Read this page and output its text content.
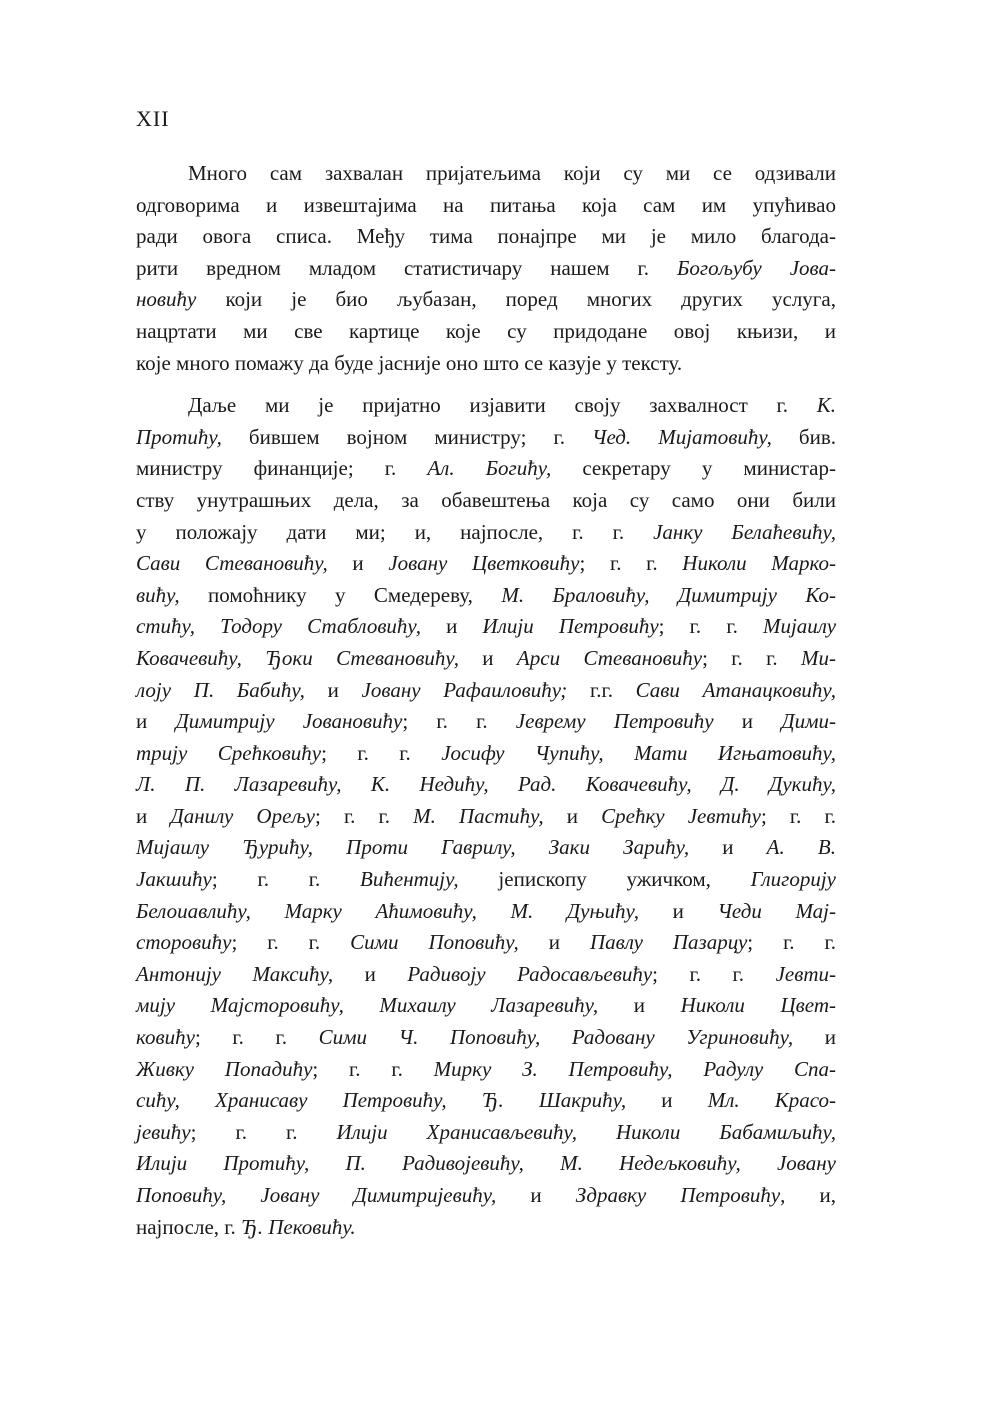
XII

Много сам захвалан пријатељима који су ми се одзивали
одговорима и извештајима на питања која сам им упућивао
ради овога списа. Међу тима понајпре ми је мило благода-
рити вредном младом статистичару нашем г. Богољубу Јова-
новићу који је био љубазан, поред многих других услуга,
нацртати ми све картице које су придодане овој књизи, и
које много помажу да буде јасније оно што се казује у тексту.

Даље ми је пријатно изјавити своју захвалност г. К.
Протићу, бившем војном министру; г. Чед. Мијатовићу, бив.
министру финанције; г. Ал. Богићу, секретару у министар-
ству унутрашњих дела, за обавештења која су само они били
у положају дати ми; и, најпосле, г. г. Јанку Белаћевићу,
Сави Стевановићу, и Јовану Цветковићу; г. г. Николи Марко-
вићу, помоћнику у Смедереву, М. Браловићу, Димитрију Ко-
стићу, Тодору Стабловићу, и Илији Петровићу; г. г. Мијаилу
Ковачевићу, Ђоки Стевановићу, и Арси Стевановићу; г. г. Ми-
лоју П. Бабићу, и Јовану Рафаиловићу; г.г. Сави Атанацковићу,
и Димитрију Јовановићу; г. г. Јеврему Петровићу и Дими-
трију Срећковићу; г. г. Јосифу Чупићу, Мати Игњатовићу,
Л. П. Лазаревићу, К. Недићу, Рад. Ковачевићу, Д. Дукићу,
и Данилу Орељу; г. г. М. Пастићу, и Срећку Јевтићу; г. г.
Мијаилу Ђурићу, Проти Гаврилу, Заки Зарићу, и А. В.
Јакшићу; г. г. Вићентију, јепископу ужичком, Глигорију
Белоиавлићу, Марку Аћимовићу, М. Дуњићу, и Чеди Мај-
сторовићу; г. г. Сими Поповићу, и Павлу Пазарцу; г. г.
Антонију Максићу, и Радивоју Радосављевићу; г. г. Јевти-
мију Мајсторовићу, Михаилу Лазаревићу, и Николи Цвет-
ковићу; г. г. Сими Ч. Поповићу, Радовану Угриновићу, и
Живку Попадићу; г. г. Мирку З. Петровићу, Радулу Спа-
сићу, Хранисаву Петровићу, Ђ. Шакрићу, и Мл. Красо-
јевићу; г. г. Илији Хранисављевићу, Николи Бабамиљићу,
Илији Протићу, П. Радивојевићу, М. Недељковићу, Јовану
Поповићу, Јовану Димитријевићу, и Здравку Петровићу, и,
најпосле, г. Ђ. Пековићу.
